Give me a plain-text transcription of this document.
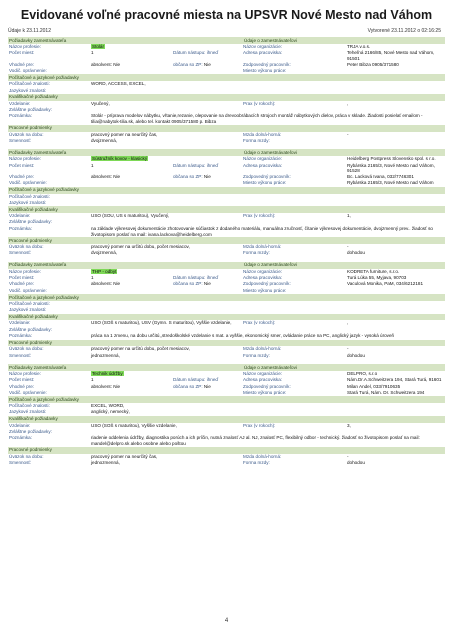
Evidované voľné pracovné miesta na UPSVR Nové Mesto nad Váhom
Údaje k 23.11.2012	Vytvorené 23.11.2012 o 02:16:25
Požiadavky zamestnávateľa	Údaje o zamestnávateľovi
Názov profesie:	Stolár	Názov organizácie:	TRJA v.o.s.
Počet miest:	1	Dátum nástupu: ihneď	Adresa pracoviska:	Teheľná 2166/85, Nové Mesto nad Váhom, 91501
Vhodné pre:	absolvent: Nie	občana so ZP: Nie	Zodpovedný pracovník:	Peter Bibza 0905/371580
Vodič. oprávnenie:	Miesto výkonu práce:
Počítačové a jazykové požiadavky
Počítačové znalosti:	WORD, ACCESS, EXCEL,
Jazykové znalosti:
Kvalifikačné požiadavky
Vzdelanie:	Vyučený,	Prax (v rokoch):	,
Zvláštne požiadavky:
Poznámka:	Stolár - príprava modelov nábytku, vŕtanie,rezanie, olepovanie na drevoobrábacích strojoch montáž nábytkových dielov, práca v sklade. Žiadosti posielať emailom - tilia@nabytok-tilia.sk, alebo tel. kontakt 0905/371580 p. Bibza
Pracovné podmienky
Úväzok na dobu:	pracovný pomer na neurčitý čas,	Mzda dolná-horná:	-
Smennosť:	dvojzmenná,	Forma mzdy:
Požiadavky zamestnávateľa	Údaje o zamestnávateľovi
Názov profesie:	Sústružník kovov - klasický	Názov organizácie:	Heidelberg Postpress Slovensko spol. s r.o.
Počet miest:	1	Dátum nástupu: ihneď	Adresa pracoviska:	Rybárska 2165/3, Nové Mesto nad Váhom, 91528
Vhodné pre:	absolvent: Nie	občana so ZP: Nie	Zodpovedný pracovník:	Bc. Lacková Ivana, 032/7746301
Vodič. oprávnenie:	Miesto výkonu práce:	Rybárska 2165/3, Nové Mesto nad Váhom
Počítačové a jazykové požiadavky
Počítačové znalosti:
Jazykové znalosti:
Kvalifikačné požiadavky
Vzdelanie:	USO (SOU, US s maturitou), Vyučený,	Prax (v rokoch):	1,
Zvláštne požiadavky:
Poznámka:	na základe výkresovej dokumentácie zhotovovanie súčiastok z dodaného materiálu, manuálna zručnosť, čítanie výkresovej dokumentácie, dvojzmenný prev.. žiadosť so životopisom poslať na mail: ivana.lackova@heidelberg.com
Pracovné podmienky
Úväzok na dobu:	pracovný pomer na určitú dobu, počet mesiacov,	Mzda dolná-horná:	-
Smennosť:	dvojzmenná,	Forma mzdy:	dohodou
Požiadavky zamestnávateľa	Údaje o zamestnávateľovi
Názov profesie:	THP - odbyt	Názov organizácie:	KODRETA furniture, s.r.o.
Počet miest:	1	Dátum nástupu: ihneď	Adresa pracoviska:	Turá Lúka 55, Myjava, 90703
Vhodné pre:	absolvent: Nie	občana so ZP: Nie	Zodpovedný pracovník:	Vaculová Monika, PaM, 034/6212181
Vodič. oprávnenie:	Miesto výkonu práce:
Počítačové a jazykové požiadavky
Počítačové znalosti:
Jazykové znalosti:
Kvalifikačné požiadavky
Vzdelanie:	USO (SOŠ s maturitou), USV (Gymn. S maturitou), Vyššie vzdelanie,	Prax (v rokoch):	,
Zvláštne požiadavky:
Poznámka:	práca na 1 zmenu, na dobu určitú,,stredoškolské vzdelanie s mat. a vyššie, ekonomický smer, ovládanie práce na PC, anglický jazyk - vysoká úroveň
Pracovné podmienky
Úväzok na dobu:	pracovný pomer na určitú dobu, počet mesiacov,	Mzda dolná-horná:	-
Smennosť:	jednozmenná,	Forma mzdy:	dohodou
Požiadavky zamestnávateľa	Údaje o zamestnávateľovi
Názov profesie:	Technik údržby	Názov organizácie:	DELPRO, s.r.o
Počet miest:	1	Dátum nástupu: ihneď	Adresa pracoviska:	Nám.Dr.A.Schweitzera 194, Stará Turá, 91601
Vhodné pre:	absolvent: Nie	občana so ZP: Nie	Zodpovedný pracovník:	Milan Andel, 033/7910635
Vodič. oprávnenie:	Miesto výkonu práce:	Stará Turá, Nám. Dr. Schweitzera 194
Počítačové a jazykové požiadavky
Počítačové znalosti:	EXCEL, WORD,
Jazykové znalosti:	anglický, nemecký,
Kvalifikačné požiadavky
Vzdelanie:	USO (SOŠ s maturitou), Vyššie vzdelanie,	Prax (v rokoch):	3,
Zvláštne požiadavky:
Poznámka:	riadenie oddelenia údržby, diagnostika porúch a ich príčin, nutná znalosť AJ al. NJ, znalosť PC, flexibilný odbor - technický. žiadosť so životopisom poslať na mail: mandel@delpro.sk alebo osobne alebo poštou
Pracovné podmienky
Úväzok na dobu:	pracovný pomer na neurčitý čas,	Mzda dolná-horná:	-
Smennosť:	jednozmenná,	Forma mzdy:	dohodou
4
